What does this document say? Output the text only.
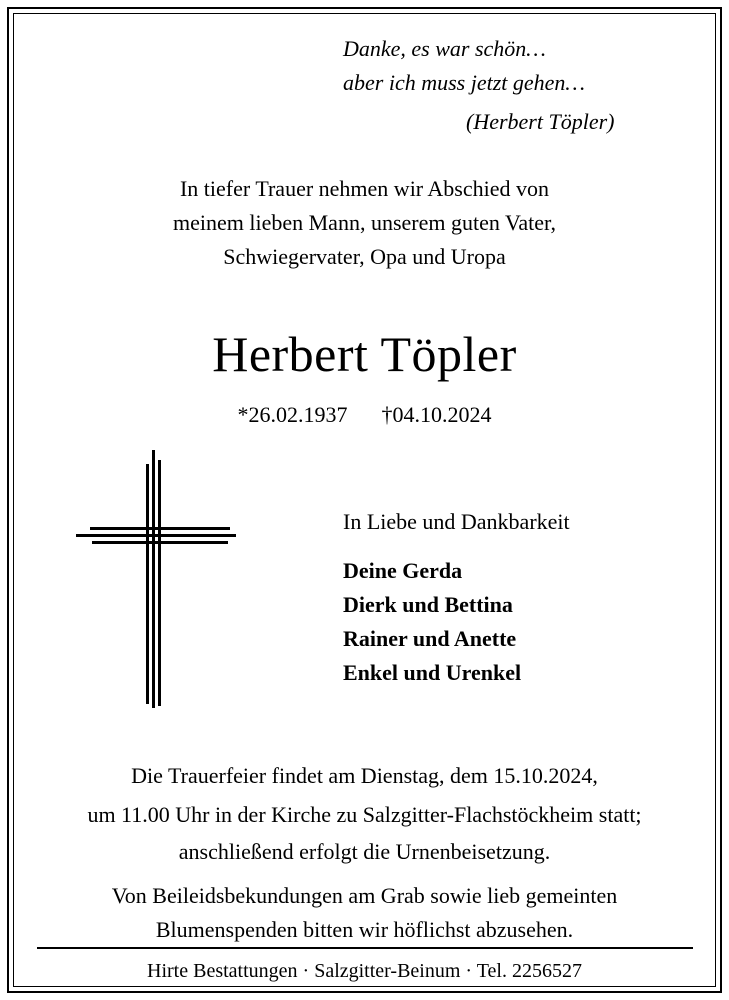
Danke, es war schön…
aber ich muss jetzt gehen…
(Herbert Töpler)
In tiefer Trauer nehmen wir Abschied von
meinem lieben Mann, unserem guten Vater,
Schwiegervater, Opa und Uropa
Herbert Töpler
*26.02.1937 †04.10.2024
In Liebe und Dankbarkeit
Deine Gerda
Dierk und Bettina
Rainer und Anette
Enkel und Urenkel
Die Trauerfeier findet am Dienstag, dem 15.10.2024,
um 11.00 Uhr in der Kirche zu Salzgitter-Flachstöckheim statt;
anschließend erfolgt die Urnenbeisetzung.
Von Beileidsbekundungen am Grab sowie lieb gemeinten
Blumenspenden bitten wir höflichst abzusehen.
Hirte Bestattungen · Salzgitter-Beinum · Tel. 2256527
